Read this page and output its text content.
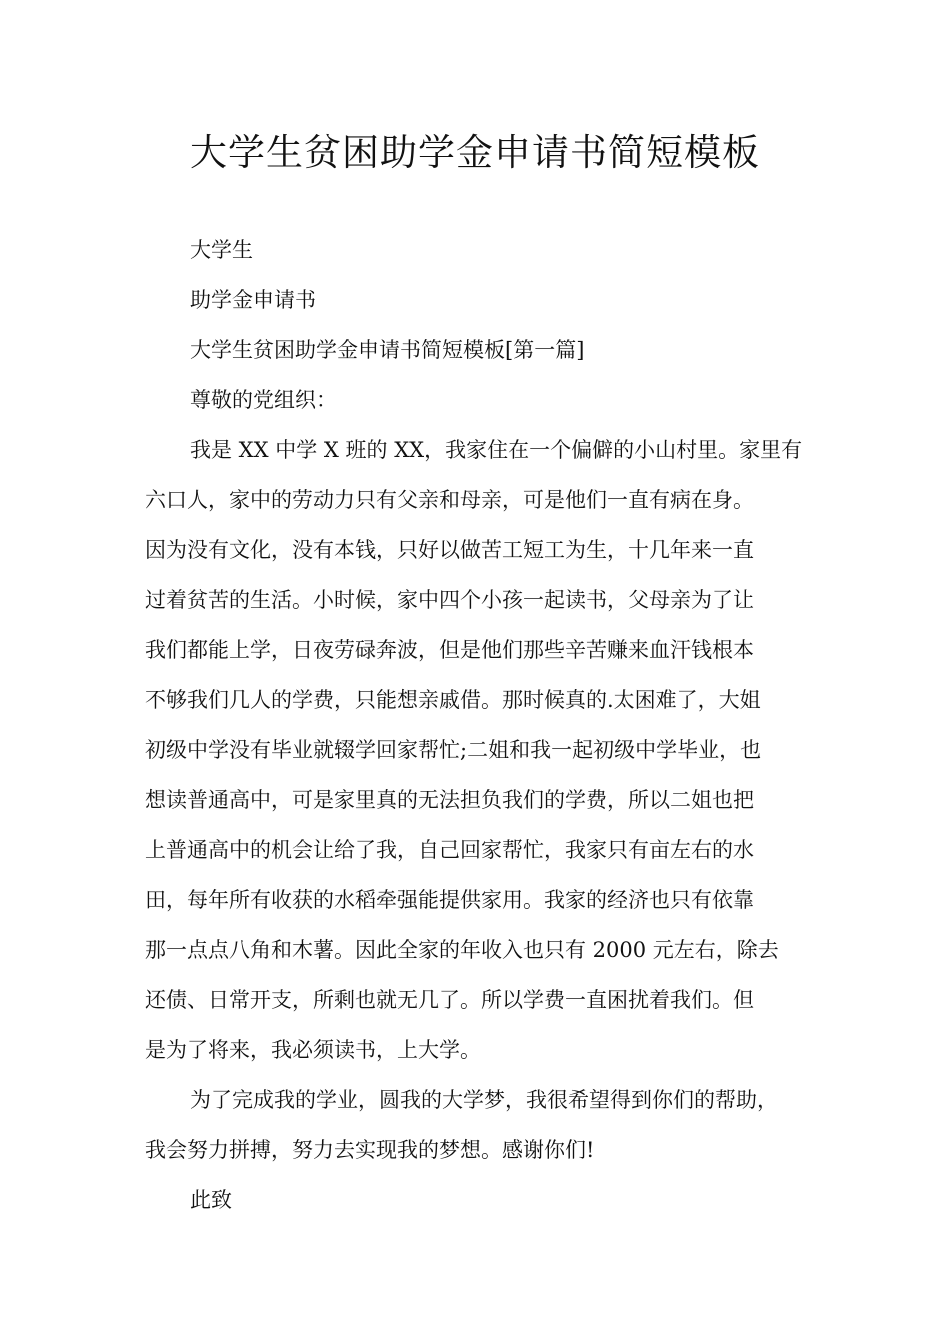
大学生贫困助学金申请书简短模板

大学生

助学金申请书

大学生贫困助学金申请书简短模板[第一篇]

尊敬的党组织：

我是 XX 中学 X 班的 XX，我家住在一个偏僻的小山村里。家里有

六口人，家中的劳动力只有父亲和母亲，可是他们一直有病在身。

因为没有文化，没有本钱，只好以做苦工短工为生，十几年来一直

过着贫苦的生活。小时候，家中四个小孩一起读书，父母亲为了让

我们都能上学，日夜劳碌奔波，但是他们那些辛苦赚来血汗钱根本

不够我们几人的学费，只能想亲戚借。那时候真的.太困难了，大姐

初级中学没有毕业就辍学回家帮忙;二姐和我一起初级中学毕业，也

想读普通高中，可是家里真的无法担负我们的学费，所以二姐也把

上普通高中的机会让给了我，自己回家帮忙，我家只有亩左右的水

田，每年所有收获的水稻牵强能提供家用。我家的经济也只有依靠

那一点点八角和木薯。因此全家的年收入也只有 2000 元左右，除去

还债、日常开支，所剩也就无几了。所以学费一直困扰着我们。但

是为了将来，我必须读书，上大学。

为了完成我的学业，圆我的大学梦，我很希望得到你们的帮助，

我会努力拼搏，努力去实现我的梦想。感谢你们!

此致
